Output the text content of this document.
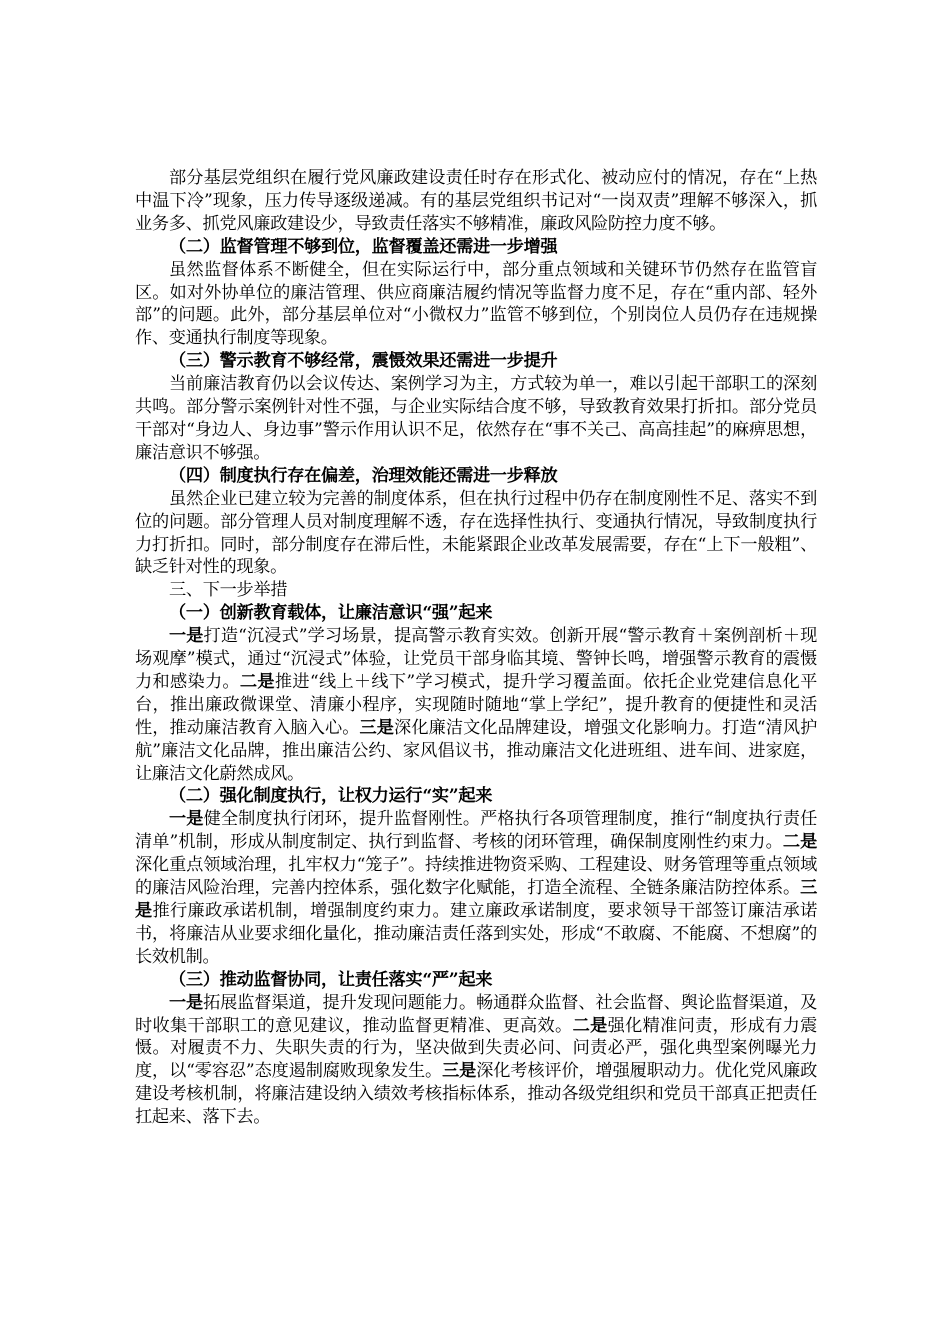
部分基层党组织在履行党风廉政建设责任时存在形式化、被动应付的情况，存在“上热中温下冷”现象，压力传导逐级递减。有的基层党组织书记对“一岗双责”理解不够深入，抓业务多、抓党风廉政建设少，导致责任落实不够精准，廉政风险防控力度不够。

（二）监督管理不够到位，监督覆盖还需进一步增强

虽然监督体系不断健全，但在实际运行中，部分重点领域和关键环节仍然存在监管盲区。如对外协单位的廉洁管理、供应商廉洁履约情况等监督力度不足，存在“重内部、轻外部”的问题。此外，部分基层单位对“小微权力”监管不够到位，个别岗位人员仍存在违规操作、变通执行制度等现象。

（三）警示教育不够经常，震慑效果还需进一步提升

当前廉洁教育仍以会议传达、案例学习为主，方式较为单一，难以引起干部职工的深刻共鸣。部分警示案例针对性不强，与企业实际结合度不够，导致教育效果打折扣。部分党员干部对“身边人、身边事”警示作用认识不足，依然存在“事不关己、高高挂起”的麻痹思想，廉洁意识不够强。

（四）制度执行存在偏差，治理效能还需进一步释放

虽然企业已建立较为完善的制度体系，但在执行过程中仍存在制度刚性不足、落实不到位的问题。部分管理人员对制度理解不透，存在选择性执行、变通执行情况，导致制度执行力打折扣。同时，部分制度存在滞后性，未能紧跟企业改革发展需要，存在“上下一般粗”、缺乏针对性的现象。

三、下一步举措

（一）创新教育载体，让廉洁意识“强”起来

一是打造“沉浸式”学习场景，提高警示教育实效。创新开展“警示教育＋案例剖析＋现场观摩”模式，通过“沉浸式”体验，让党员干部身临其境、警钟长鸣，增强警示教育的震慑力和感染力。二是推进“线上＋线下”学习模式，提升学习覆盖面。依托企业党建信息化平台，推出廉政微课堂、清廉小程序，实现随时随地“掌上学纪”，提升教育的便捷性和灵活性，推动廉洁教育入脑入心。三是深化廉洁文化品牌建设，增强文化影响力。打造“清风护航”廉洁文化品牌，推出廉洁公约、家风倡议书，推动廉洁文化进班组、进车间、进家庭，让廉洁文化蔚然成风。

（二）强化制度执行，让权力运行“实”起来

一是健全制度执行闭环，提升监督刚性。严格执行各项管理制度，推行“制度执行责任清单”机制，形成从制度制定、执行到监督、考核的闭环管理，确保制度刚性约束力。二是深化重点领域治理，扎牢权力“笼子”。持续推进物资采购、工程建设、财务管理等重点领域的廉洁风险治理，完善内控体系，强化数字化赋能，打造全流程、全链条廉洁防控体系。三是推行廉政承诺机制，增强制度约束力。建立廉政承诺制度，要求领导干部签订廉洁承诺书，将廉洁从业要求细化量化，推动廉洁责任落到实处，形成“不敢腐、不能腐、不想腐”的长效机制。

（三）推动监督协同，让责任落实“严”起来

一是拓展监督渠道，提升发现问题能力。畅通群众监督、社会监督、舆论监督渠道，及时收集干部职工的意见建议，推动监督更精准、更高效。二是强化精准问责，形成有力震慑。对履责不力、失职失责的行为，坚决做到失责必问、问责必严，强化典型案例曝光力度，以“零容忍”态度遏制腐败现象发生。三是深化考核评价，增强履职动力。优化党风廉政建设考核机制，将廉洁建设纳入绩效考核指标体系，推动各级党组织和党员干部真正把责任扛起来、落下去。
